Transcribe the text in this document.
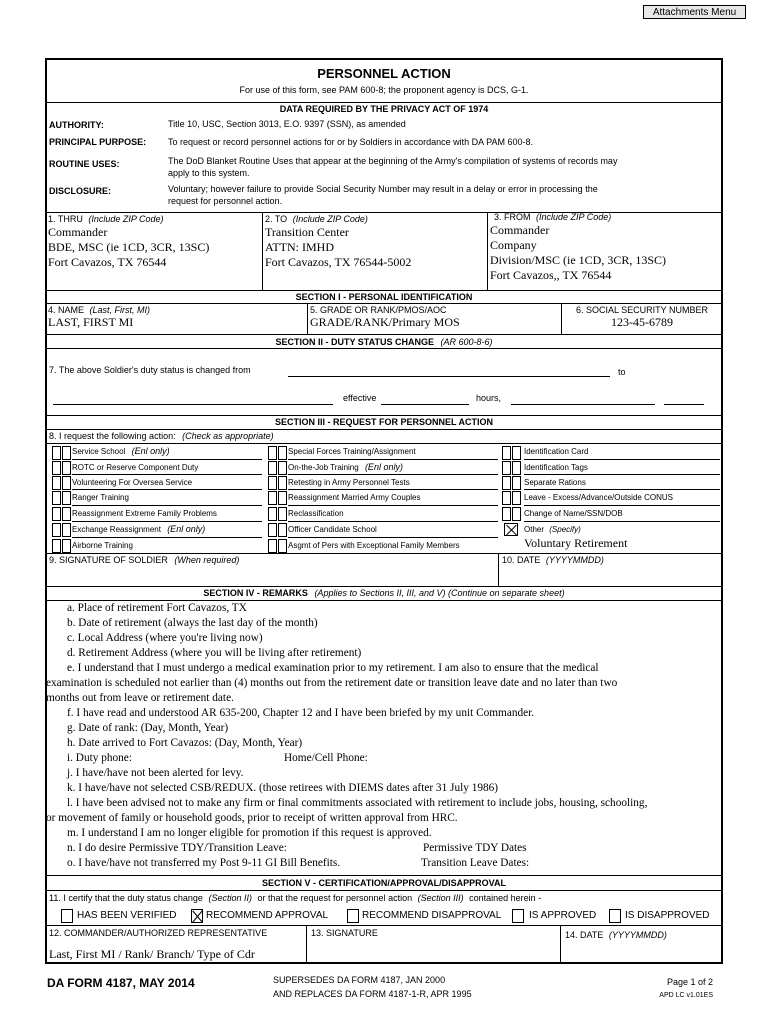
Attachments Menu
PERSONNEL ACTION
For use of this form, see PAM 600-8; the proponent agency is DCS, G-1.
DATA REQUIRED BY THE PRIVACY ACT OF 1974
AUTHORITY:	Title 10, USC, Section 3013, E.O. 9397 (SSN), as amended
PRINCIPAL PURPOSE: To request or record personnel actions for or by Soldiers in accordance with DA PAM 600-8.
ROUTINE USES:	The DoD Blanket Routine Uses that appear at the beginning of the Army's compilation of systems of records may
apply to this system.
DISCLOSURE:	Voluntary; however failure to provide Social Security Number may result in a delay or error in processing the
request for personnel action.
1. THRU (Include ZIP Code)
Commander
BDE, MSC (ie 1CD, 3CR, 13SC)
Fort Cavazos, TX 76544
2. TO (Include ZIP Code)
Transition Center
ATTN: IMHD
Fort Cavazos, TX 76544-5002
3. FROM (Include ZIP Code)
Commander
Company
Division/MSC (ie 1CD, 3CR, 13SC)
Fort Cavazos,, TX 76544
SECTION I - PERSONAL IDENTIFICATION
4. NAME (Last, First, MI)
LAST, FIRST MI
5. GRADE OR RANK/PMOS/AOC
GRADE/RANK/Primary MOS
6. SOCIAL SECURITY NUMBER
123-45-6789
SECTION II - DUTY STATUS CHANGE (AR 600-8-6)
7. The above Soldier's duty status is changed from	to
effective	hours,
SECTION III - REQUEST FOR PERSONNEL ACTION
8. I request the following action: (Check as appropriate)
Service School (Enl only)
ROTC or Reserve Component Duty
Volunteering For Oversea Service
Ranger Training
Reassignment Extreme Family Problems
Exchange Reassignment (Enl only)
Airborne Training
Special Forces Training/Assignment
On-the-Job Training (Enl only)
Retesting in Army Personnel Tests
Reassignment Married Army Couples
Reclassification
Officer Candidate School
Asgmt of Pers with Exceptional Family Members
Identification Card
Identification Tags
Separate Rations
Leave - Excess/Advance/Outside CONUS
Change of Name/SSN/DOB
Other (Specify)
Voluntary Retirement
9. SIGNATURE OF SOLDIER (When required)	10. DATE (YYYYMMDD)
SECTION IV - REMARKS (Applies to Sections II, III, and V) (Continue on separate sheet)
a. Place of retirement Fort Cavazos, TX
b. Date of retirement (always the last day of the month)
c. Local Address (where you're living now)
d. Retirement Address (where you will be living after retirement)
e. I understand that I must undergo a medical examination prior to my retirement. I am also to ensure that the medical
examination is scheduled not earlier than (4) months out from the retirement date or transition leave date and no later than two
months out from leave or retirement date.
f. I have read and understood AR 635-200, Chapter 12 and I have been briefed by my unit Commander.
g. Date of rank: (Day, Month, Year)
h. Date arrived to Fort Cavazos: (Day, Month, Year)
i. Duty phone:	Home/Cell Phone:
j. I have/have not been alerted for levy.
k. I have/have not selected CSB/REDUX. (those retirees with DIEMS dates after 31 July 1986)
l. I have been advised not to make any firm or final commitments associated with retirement to include jobs, housing, schooling,
or movement of family or household goods, prior to receipt of written approval from HRC.
m. I understand I am no longer eligible for promotion if this request is approved.
n. I do desire Permissive TDY/Transition Leave:	Permissive TDY Dates
o. I have/have not transferred my Post 9-11 GI Bill Benefits.	Transition Leave Dates:
SECTION V - CERTIFICATION/APPROVAL/DISAPPROVAL
11. I certify that the duty status change (Section II) or that the request for personnel action (Section III) contained herein -
HAS BEEN VERIFIED	RECOMMEND APPROVAL	RECOMMEND DISAPPROVAL	IS APPROVED	IS DISAPPROVED
12. COMMANDER/AUTHORIZED REPRESENTATIVE
Last, First MI / Rank/ Branch/ Type of Cdr
13. SIGNATURE	14. DATE (YYYYMMDD)
DA FORM 4187, MAY 2014	SUPERSEDES DA FORM 4187, JAN 2000
AND REPLACES DA FORM 4187-1-R, APR 1995
Page 1 of 2
APD LC v1.01ES
